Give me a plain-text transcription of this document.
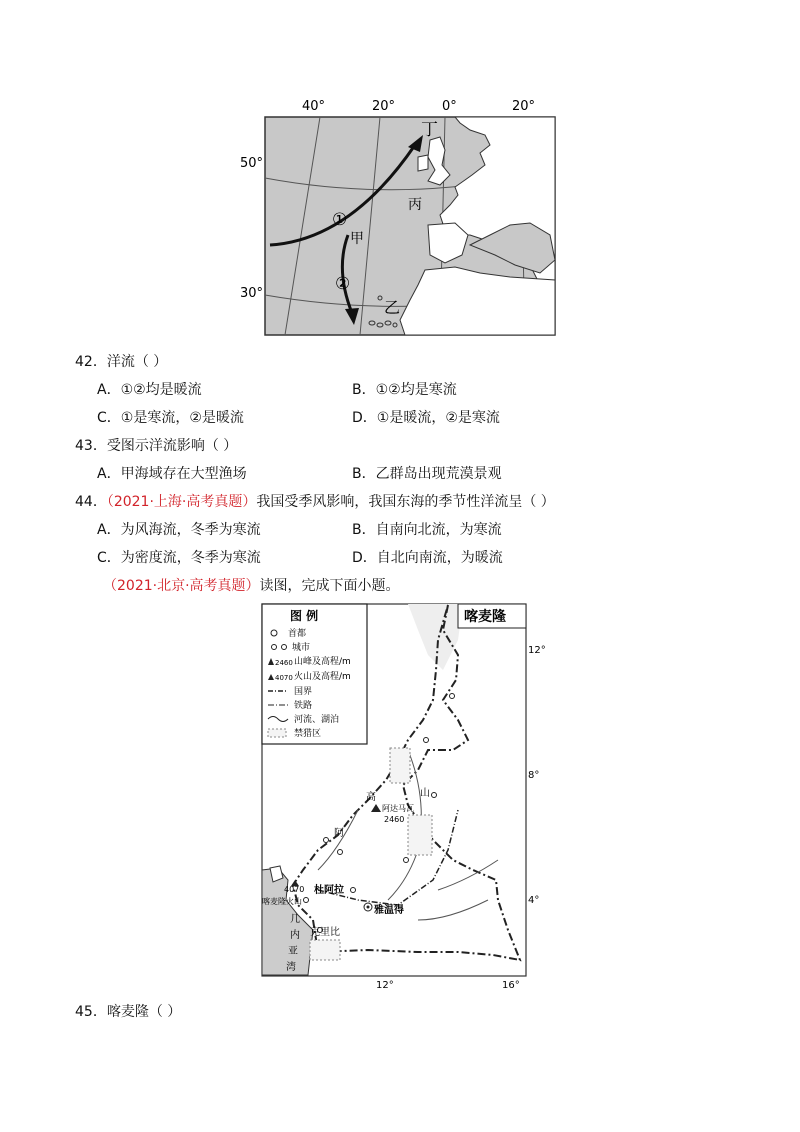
40°	20°	0°	20°
50°
30°
丁
丙
甲
乙
①
②
42．洋流（ ）
A．①②均是暖流	B．①②均是寒流
C．①是寒流，②是暖流	D．①是暖流，②是寒流
43．受图示洋流影响（ ）
A．甲海域存在大型渔场	B．乙群岛出现荒漠景观
44．（2021·上海·高考真题）我国受季风影响，我国东海的季节性洋流呈（ ）
A．为风海流，冬季为寒流	B．自南向北流，为寒流
C．为密度流，冬季为寒流	D．自北向南流，为暖流
（2021·北京·高考真题）读图，完成下面小题。
图 例
首都
城市
2460 山峰及高程/m
4070 火山及高程/m
国界
铁路
河流、湖泊
禁猎区
喀麦隆
12°
8°
4°
12°	16°
高	山
阿
阿达马瓦
2460
4070
喀麦隆火山
杜阿拉
雅温得
克里比
几
内
亚
湾
45．喀麦隆（ ）
